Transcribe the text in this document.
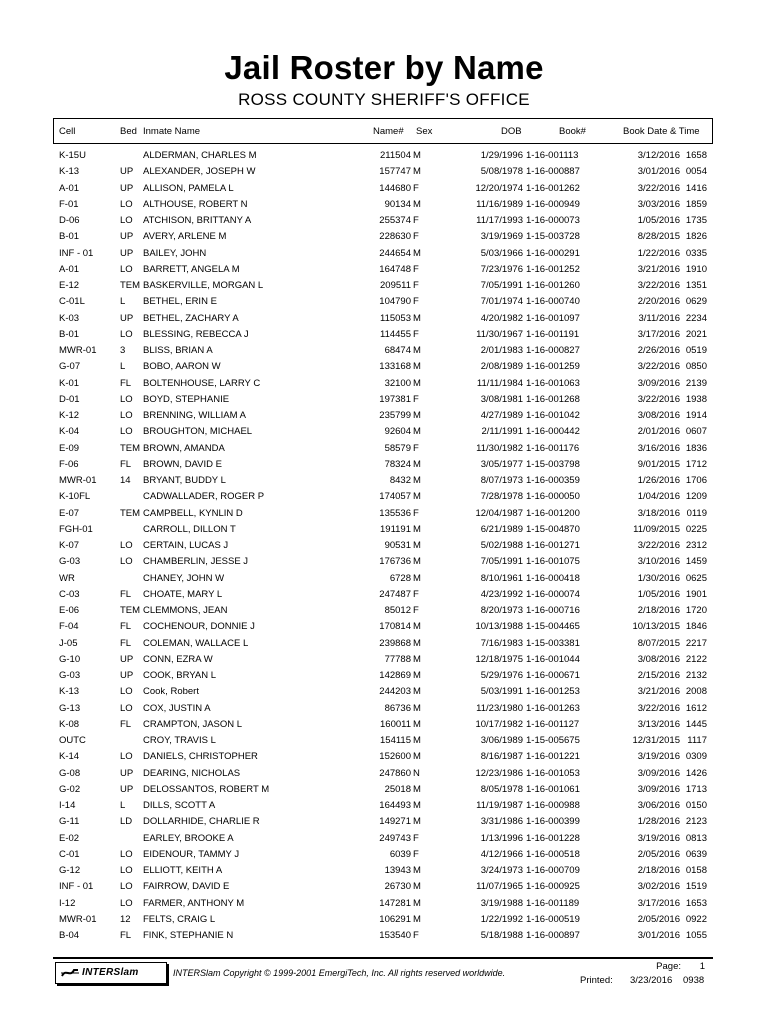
Jail Roster by Name
ROSS COUNTY SHERIFF'S OFFICE
Cell	Bed Inmate Name	Name# Sex	DOB	Book#	Book Date & Time
K-15U	ALDERMAN, CHARLES M	211504 M	1/29/1996 1-16-001113	3/12/2016 1658
K-13	UP ALEXANDER, JOSEPH W	157747 M	5/08/1978 1-16-000887	3/01/2016 0054
A-01	UP ALLISON, PAMELA L	144680 F	12/20/1974 1-16-001262	3/22/2016 1416
F-01	LO ALTHOUSE, ROBERT N	90134 M	11/16/1989 1-16-000949	3/03/2016 1859
D-06	LO ATCHISON, BRITTANY A	255374 F	11/17/1993 1-16-000073	1/05/2016 1735
B-01	UP AVERY, ARLENE M	228630 F	3/19/1969 1-15-003728	8/28/2015 1826
INF - 01	UP BAILEY, JOHN	244654 M	5/03/1966 1-16-000291	1/22/2016 0335
A-01	LO BARRETT, ANGELA M	164748 F	7/23/1976 1-16-001252	3/21/2016 1910
E-12	TEM BASKERVILLE, MORGAN L	209511 F	7/05/1991 1-16-001260	3/22/2016 1351
C-01L	L BETHEL, ERIN E	104790 F	7/01/1974 1-16-000740	2/20/2016 0629
K-03	UP BETHEL, ZACHARY A	115053 M	4/20/1982 1-16-001097	3/11/2016 2234
B-01	LO BLESSING, REBECCA J	114455 F	11/30/1967 1-16-001191	3/17/2016 2021
MWR-01 3 BLISS, BRIAN A	68474 M	2/01/1983 1-16-000827	2/26/2016 0519
G-07	L BOBO, AARON W	133168 M	2/08/1989 1-16-001259	3/22/2016 0850
K-01	FL BOLTENHOUSE, LARRY C	32100 M	11/11/1984 1-16-001063	3/09/2016 2139
D-01	LO BOYD, STEPHANIE	197381 F	3/08/1981 1-16-001268	3/22/2016 1938
K-12	LO BRENNING, WILLIAM A	235799 M	4/27/1989 1-16-001042	3/08/2016 1914
K-04	LO BROUGHTON, MICHAEL	92604 M	2/11/1991 1-16-000442	2/01/2016 0607
E-09	TEM BROWN, AMANDA	58579 F	11/30/1982 1-16-001176	3/16/2016 1836
F-06	FL BROWN, DAVID E	78324 M	3/05/1977 1-15-003798	9/01/2015 1712
MWR-01 14 BRYANT, BUDDY L	8432 M	8/07/1973 1-16-000359	1/26/2016 1706
K-10FL	CADWALLADER, ROGER P	174057 M	7/28/1978 1-16-000050	1/04/2016 1209
E-07	TEM CAMPBELL, KYNLIN D	135536 F	12/04/1987 1-16-001200	3/18/2016 0119
FGH-01	CARROLL, DILLON T	191191 M	6/21/1989 1-15-004870	11/09/2015 0225
K-07	LO CERTAIN, LUCAS J	90531 M	5/02/1988 1-16-001271	3/22/2016 2312
G-03	LO CHAMBERLIN, JESSE J	176736 M	7/05/1991 1-16-001075	3/10/2016 1459
WR	CHANEY, JOHN W	6728 M	8/10/1961 1-16-000418	1/30/2016 0625
C-03	FL CHOATE, MARY L	247487 F	4/23/1992 1-16-000074	1/05/2016 1901
E-06	TEM CLEMMONS, JEAN	85012 F	8/20/1973 1-16-000716	2/18/2016 1720
F-04	FL COCHENOUR, DONNIE J	170814 M	10/13/1988 1-15-004465	10/13/2015 1846
J-05	FL COLEMAN, WALLACE L	239868 M	7/16/1983 1-15-003381	8/07/2015 2217
G-10	UP CONN, EZRA W	77788 M	12/18/1975 1-16-001044	3/08/2016 2122
G-03	UP COOK, BRYAN L	142869 M	5/29/1976 1-16-000671	2/15/2016 2132
K-13	LO Cook, Robert	244203 M	5/03/1991 1-16-001253	3/21/2016 2008
G-13	LO COX, JUSTIN A	86736 M	11/23/1980 1-16-001263	3/22/2016 1612
K-08	FL CRAMPTON, JASON L	160011 M	10/17/1982 1-16-001127	3/13/2016 1445
OUTC	CROY, TRAVIS L	154115 M	3/06/1989 1-15-005675	12/31/2015 1117
K-14	LO DANIELS, CHRISTOPHER	152600 M	8/16/1987 1-16-001221	3/19/2016 0309
G-08	UP DEARING, NICHOLAS	247860 N	12/23/1986 1-16-001053	3/09/2016 1426
G-02	UP DELOSSANTOS, ROBERT M	25018 M	8/05/1978 1-16-001061	3/09/2016 1713
I-14	L DILLS, SCOTT A	164493 M	11/19/1987 1-16-000988	3/06/2016 0150
G-11	LD DOLLARHIDE, CHARLIE R	149271 M	3/31/1986 1-16-000399	1/28/2016 2123
E-02	EARLEY, BROOKE A	249743 F	1/13/1996 1-16-001228	3/19/2016 0813
C-01	LO EIDENOUR, TAMMY J	6039 F	4/12/1966 1-16-000518	2/05/2016 0639
G-12	LO ELLIOTT, KEITH A	13943 M	3/24/1973 1-16-000709	2/18/2016 0158
INF - 01	LO FAIRROW, DAVID E	26730 M	11/07/1965 1-16-000925	3/02/2016 1519
I-12	LO FARMER, ANTHONY M	147281 M	3/19/1988 1-16-001189	3/17/2016 1653
MWR-01 12 FELTS, CRAIG L	106291 M	1/22/1992 1-16-000519	2/05/2016 0922
B-04	FL FINK, STEPHANIE N	153540 F	5/18/1988 1-16-000897	3/01/2016 1055
INTERSlam	INTERSlam Copyright © 1999-2001 EmergiTech, Inc. All rights reserved worldwide.
Page: 1
Printed: 3/23/2016 0938
